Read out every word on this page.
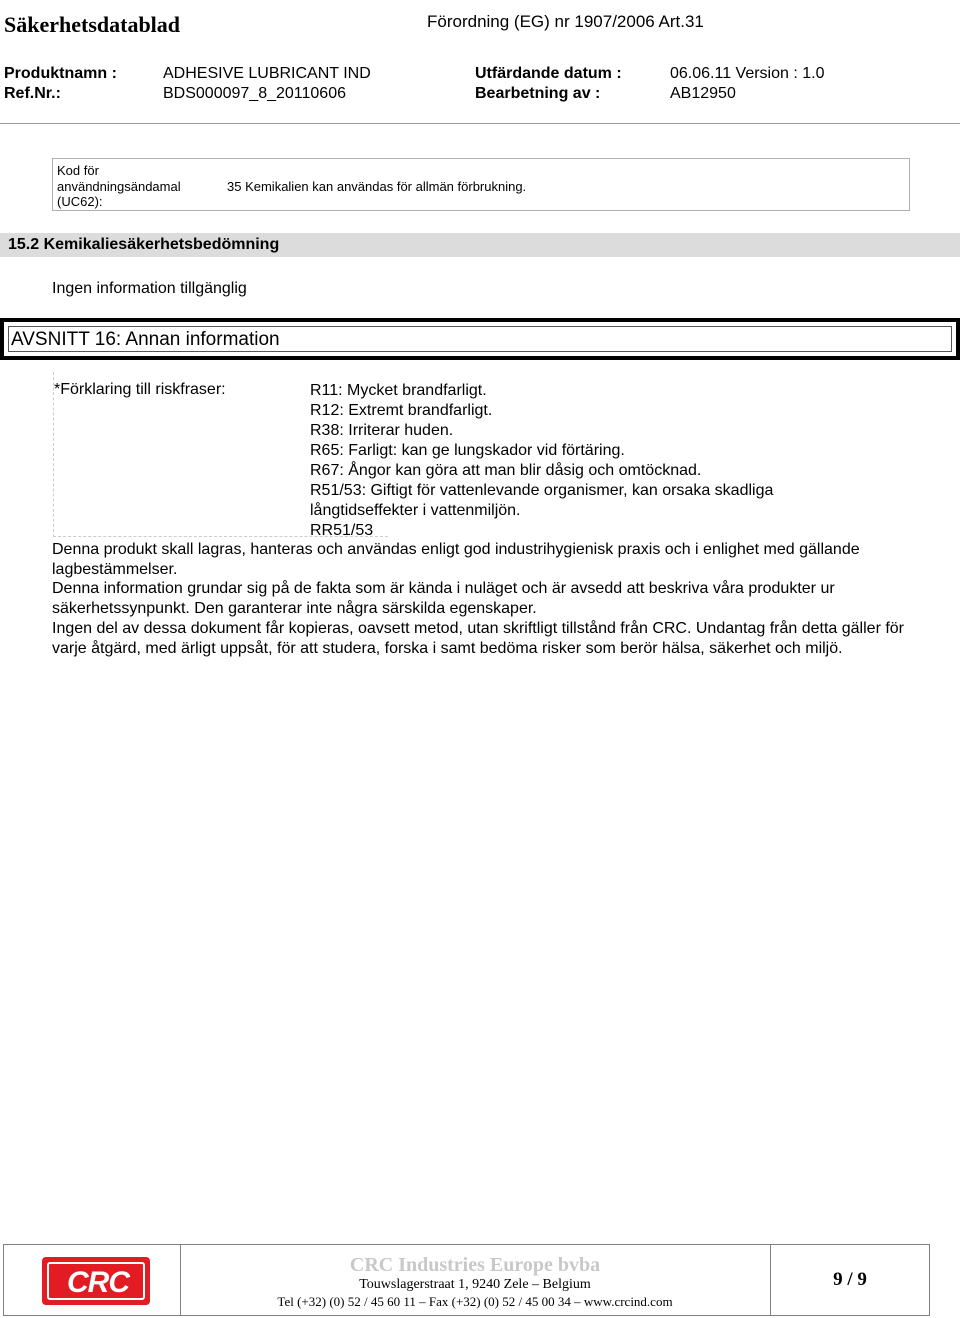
Säkerhetsdatablad	Förordning (EG) nr 1907/2006 Art.31
Produktnamn :	ADHESIVE LUBRICANT IND	Utfärdande datum :	06.06.11 Version : 1.0
Ref.Nr.:	BDS000097_8_20110606	Bearbetning av :	AB12950
Kod för användningsändamal (UC62):
35 Kemikalien kan användas för allmän förbrukning.
15.2 Kemikaliesäkerhetsbedömning
Ingen information tillgänglig
AVSNITT 16: Annan information
*Förklaring till riskfraser:	R11: Mycket brandfarligt.
R12: Extremt brandfarligt.
R38: Irriterar huden.
R65: Farligt: kan ge lungskador vid förtäring.
R67: Ångor kan göra att man blir dåsig och omtöcknad.
R51/53: Giftigt för vattenlevande organismer, kan orsaka skadliga långtidseffekter i vattenmiljön.
RR51/53

Denna produkt skall lagras, hanteras och användas enligt god industrihygienisk praxis och i enlighet med gällande lagbestämmelser.

Denna information grundar sig på de fakta som är kända i nuläget och är avsedd att beskriva våra produkter ur säkerhetssynpunkt. Den garanterar inte några särskilda egenskaper.

Ingen del av dessa dokument får kopieras, oavsett metod, utan skriftligt tillstånd från CRC. Undantag från detta gäller för varje åtgärd, med ärligt uppsåt, för att studera, forska i samt bedöma risker som berör hälsa, säkerhet och miljö.

CRC
CRC Industries Europe bvba
Touwslagerstraat 1, 9240 Zele – Belgium
Tel (+32) (0) 52 / 45 60 11 – Fax (+32) (0) 52 / 45 00 34 – www.crcind.com
9 / 9
